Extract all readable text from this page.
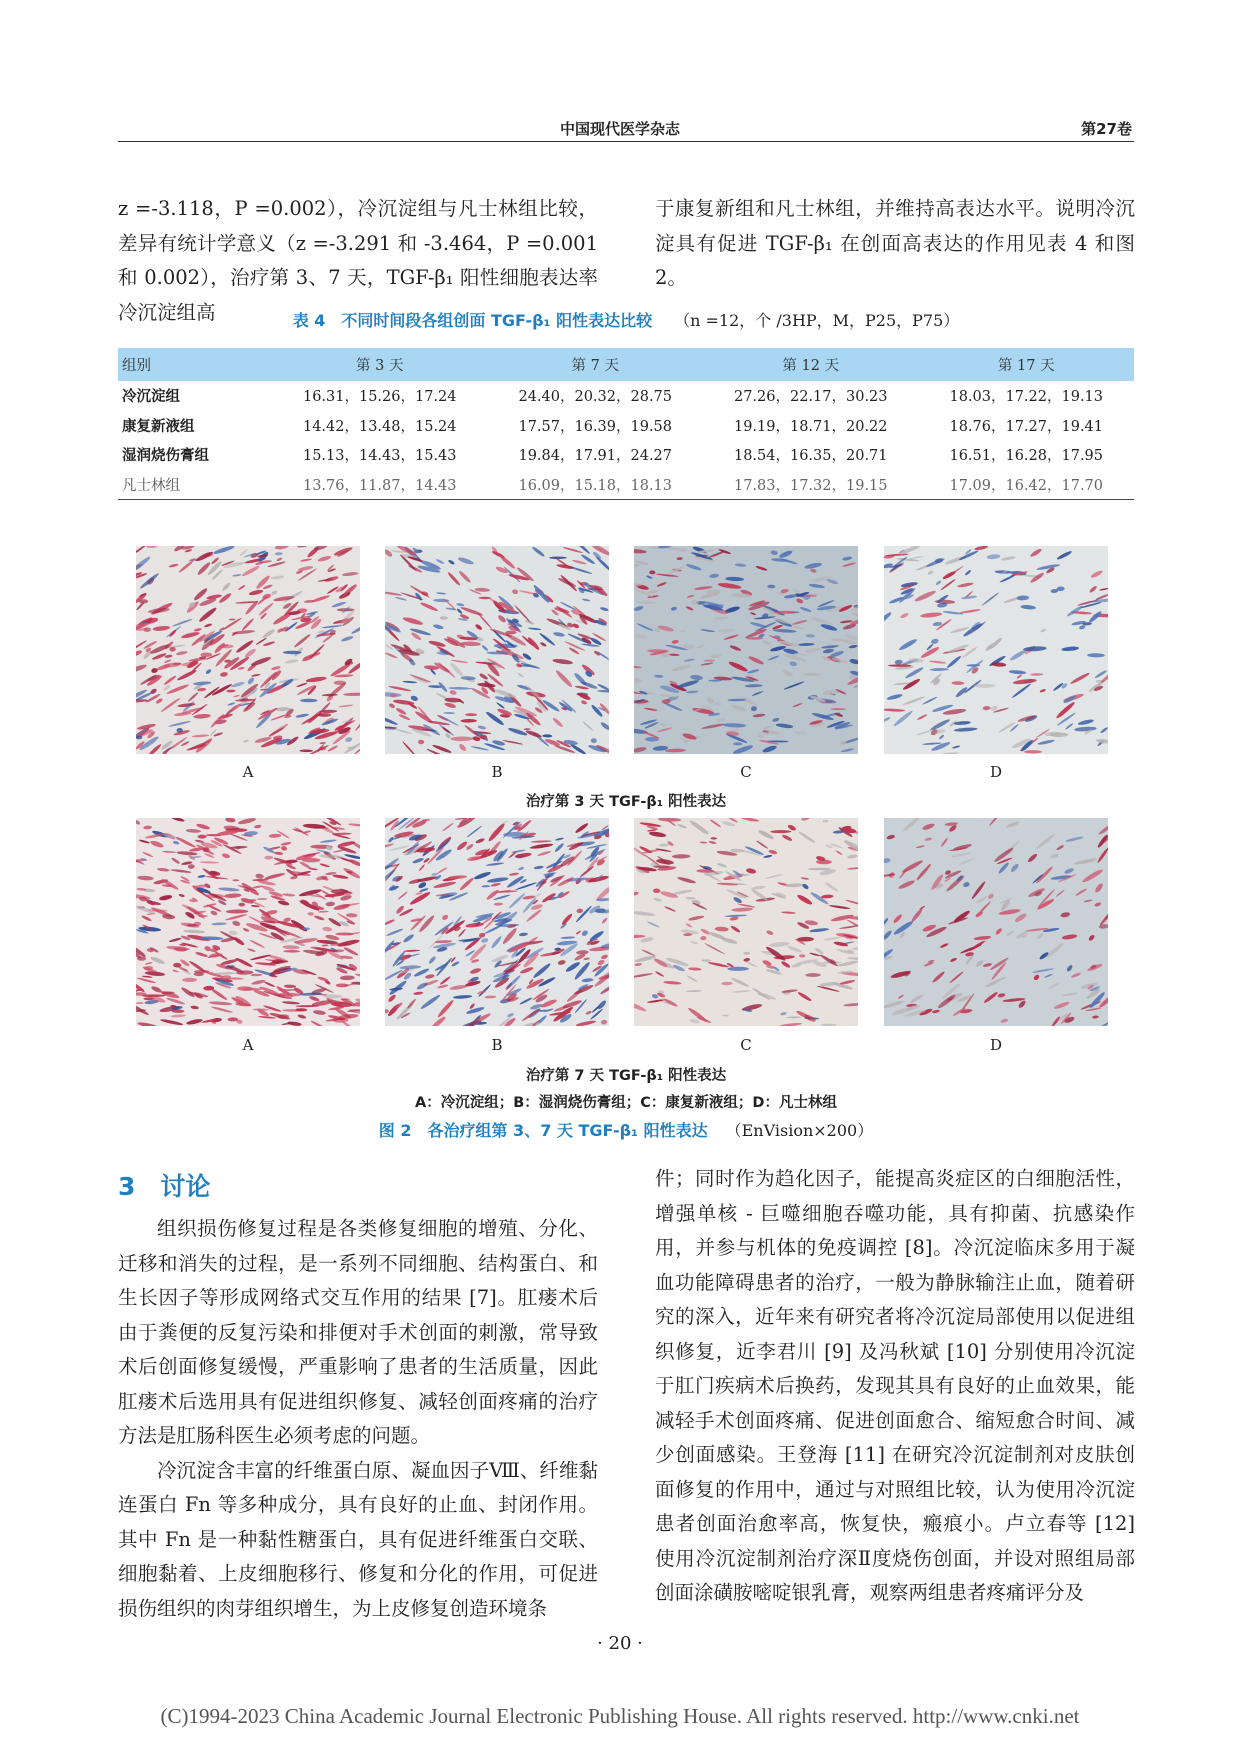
中国现代医学杂志	第27卷

z =-3.118，P =0.002），冷沉淀组与凡士林组比较，差异有统计学意义（z =-3.291 和 -3.464，P =0.001 和 0.002），治疗第 3、7 天，TGF-β₁ 阳性细胞表达率冷沉淀组高

于康复新组和凡士林组，并维持高表达水平。说明冷沉淀具有促进 TGF-β₁ 在创面高表达的作用见表 4 和图 2。

表 4　不同时间段各组创面 TGF-β₁ 阳性表达比较 （n =12，个 /3HP，M，P25，P75）
组别	第 3 天	第 7 天	第 12 天	第 17 天
冷沉淀组	16.31，15.26，17.24	24.40，20.32，28.75	27.26，22.17，30.23	18.03，17.22，19.13
康复新液组	14.42，13.48，15.24	17.57，16.39，19.58	19.19，18.71，20.22	18.76，17.27，19.41
湿润烧伤膏组	15.13，14.43，15.43	19.84，17.91，24.27	18.54，16.35，20.71	16.51，16.28，17.95
凡士林组	13.76，11.87，14.43	16.09，15.18，18.13	17.83，17.32，19.15	17.09，16.42，17.70
A	B	C	D
治疗第 3 天 TGF-β₁ 阳性表达
A	B	C	D
治疗第 7 天 TGF-β₁ 阳性表达
A：冷沉淀组；B：湿润烧伤膏组；C：康复新液组；D：凡士林组
图 2　各治疗组第 3、7 天 TGF-β₁ 阳性表达 （EnVision×200）
3　讨论

组织损伤修复过程是各类修复细胞的增殖、分化、迁移和消失的过程，是一系列不同细胞、结构蛋白、和生长因子等形成网络式交互作用的结果 [7]。肛瘘术后由于粪便的反复污染和排便对手术创面的刺激，常导致术后创面修复缓慢，严重影响了患者的生活质量，因此肛瘘术后选用具有促进组织修复、减轻创面疼痛的治疗方法是肛肠科医生必须考虑的问题。

冷沉淀含丰富的纤维蛋白原、凝血因子Ⅷ、纤维黏连蛋白 Fn 等多种成分，具有良好的止血、封闭作用。其中 Fn 是一种黏性糖蛋白，具有促进纤维蛋白交联、细胞黏着、上皮细胞移行、修复和分化的作用，可促进损伤组织的肉芽组织增生，为上皮修复创造环境条

件；同时作为趋化因子，能提高炎症区的白细胞活性，增强单核 - 巨噬细胞吞噬功能，具有抑菌、抗感染作用，并参与机体的免疫调控 [8]。冷沉淀临床多用于凝血功能障碍患者的治疗，一般为静脉输注止血，随着研究的深入，近年来有研究者将冷沉淀局部使用以促进组织修复，近李君川 [9] 及冯秋斌 [10] 分别使用冷沉淀于肛门疾病术后换药，发现其具有良好的止血效果，能减轻手术创面疼痛、促进创面愈合、缩短愈合时间、减少创面感染。王登海 [11] 在研究冷沉淀制剂对皮肤创面修复的作用中，通过与对照组比较，认为使用冷沉淀患者创面治愈率高，恢复快，瘢痕小。卢立春等 [12] 使用冷沉淀制剂治疗深Ⅱ度烧伤创面，并设对照组局部创面涂磺胺嘧啶银乳膏，观察两组患者疼痛评分及

· 20 ·
(C)1994-2023 China Academic Journal Electronic Publishing House. All rights reserved. http://www.cnki.net
